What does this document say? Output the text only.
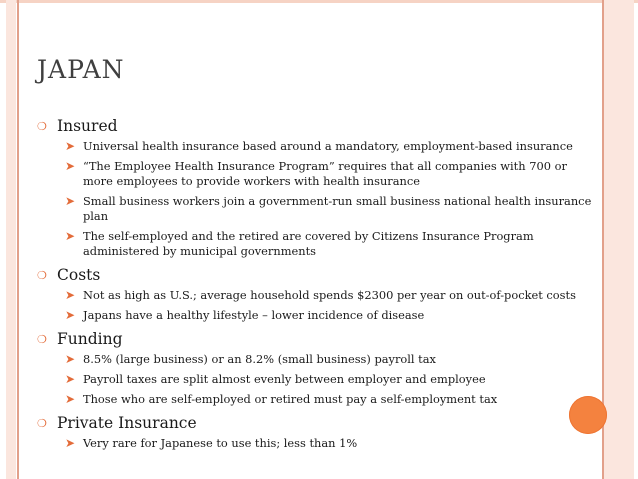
JAPAN
❍ Insured
➤ Universal health insurance based around a mandatory, employment-based insurance
➤ “The Employee Health Insurance Program” requires that all companies with 700 or more employees to provide workers with health insurance
➤ Small business workers join a government-run small business national health insurance plan
➤ The self-employed and the retired are covered by Citizens Insurance Program administered by municipal governments
❍ Costs
➤ Not as high as U.S.; average household spends $2300 per year on out-of-pocket costs
➤ Japans have a healthy lifestyle – lower incidence of disease
❍ Funding
➤ 8.5% (large business) or an 8.2% (small business) payroll tax
➤ Payroll taxes are split almost evenly between employer and employee
➤ Those who are self-employed or retired must pay a self-employment tax
❍ Private Insurance
➤ Very rare for Japanese to use this; less than 1%
